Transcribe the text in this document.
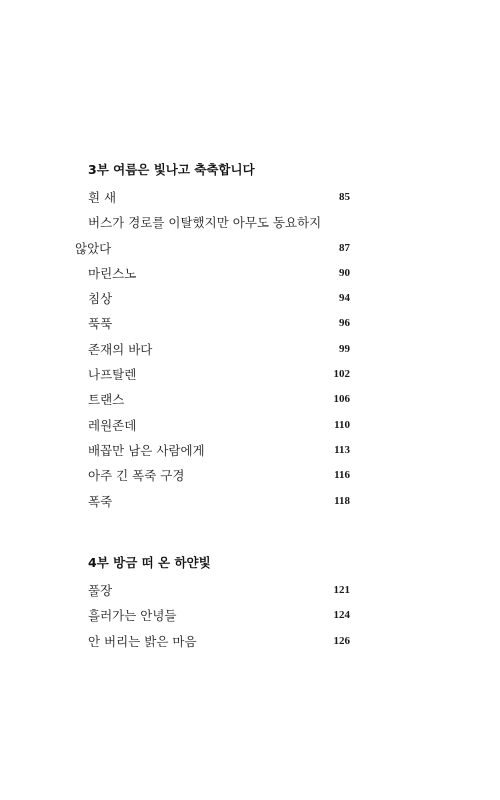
3부 여름은 빛나고 축축합니다
흰 새	85
버스가 경로를 이탈했지만 아무도 동요하지
않았다	87
마린스노	90
침상	94
푹푹	96
존재의 바다	99
나프탈렌	102
트랜스	106
레원존데	110
배꼽만 남은 사람에게	113
아주 긴 폭죽 구경	116
폭죽	118
4부 방금 떠 온 하얀빛
풀장	121
흘러가는 안녕들	124
안 버리는 밝은 마음	126
